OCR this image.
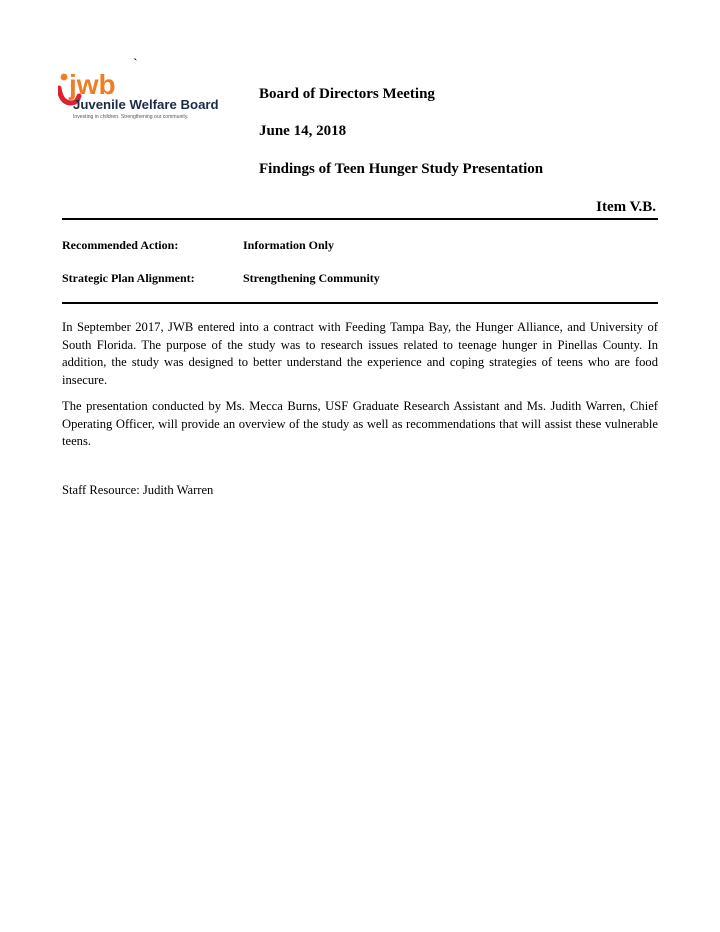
`
jwb
Juvenile Welfare Board
Investing in children. Strengthening our community.
Board of Directors Meeting
June 14, 2018
Findings of Teen Hunger Study Presentation
Item V.B.
Recommended Action:	Information Only
Strategic Plan Alignment:	Strengthening Community

In September 2017, JWB entered into a contract with Feeding Tampa Bay, the Hunger Alliance, and University of South Florida. The purpose of the study was to research issues related to teenage hunger in Pinellas County. In addition, the study was designed to better understand the experience and coping strategies of teens who are food insecure.

The presentation conducted by Ms. Mecca Burns, USF Graduate Research Assistant and Ms. Judith Warren, Chief Operating Officer, will provide an overview of the study as well as recommendations that will assist these vulnerable teens.

Staff Resource: Judith Warren
